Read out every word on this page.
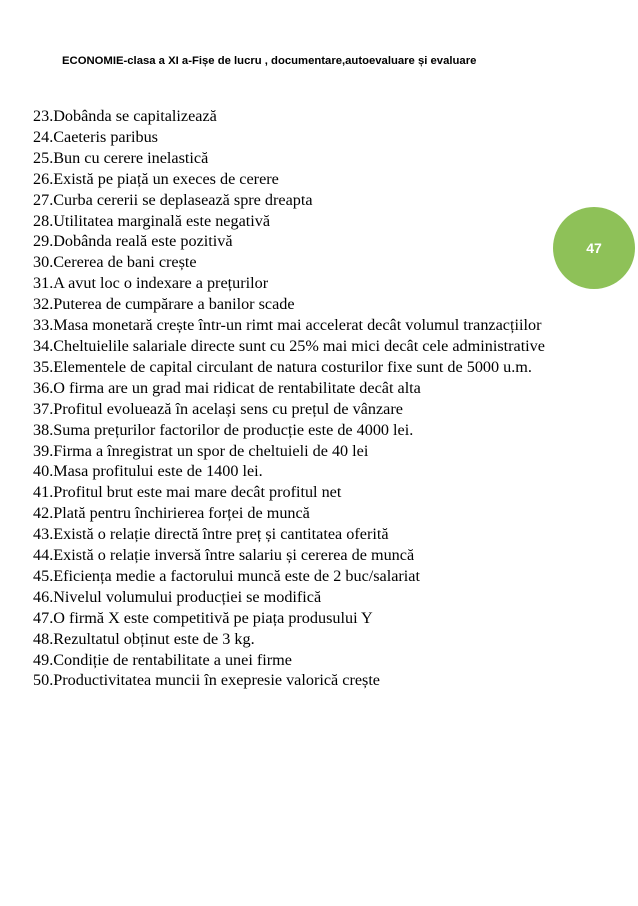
ECONOMIE-clasa a XI a-Fișe de lucru , documentare,autoevaluare și evaluare
47
23.Dobânda se capitalizează
24.Caeteris paribus
25.Bun cu cerere inelastică
26.Există pe piață un execes de cerere
27.Curba cererii se deplasează spre dreapta
28.Utilitatea marginală este negativă
29.Dobânda reală este pozitivă
30.Cererea de bani crește
31.A avut loc o indexare a prețurilor
32.Puterea de cumpărare a banilor scade
33.Masa monetară crește într-un rimt mai accelerat decât volumul tranzacțiilor
34.Cheltuielile salariale directe sunt cu 25% mai mici decât cele administrative
35.Elementele de capital circulant de natura costurilor fixe sunt de 5000 u.m.
36.O firma are un grad mai ridicat de rentabilitate decât alta
37.Profitul evoluează în același sens cu prețul de vânzare
38.Suma prețurilor factorilor de producție este de 4000 lei.
39.Firma a înregistrat un spor de cheltuieli de 40 lei
40.Masa profitului este de 1400 lei.
41.Profitul brut este mai mare decât profitul net
42.Plată pentru închirierea forței de muncă
43.Există o relație directă între preț și cantitatea oferită
44.Există o relație inversă între salariu și cererea de muncă
45.Eficiența medie a factorului muncă este de 2 buc/salariat
46.Nivelul volumului producției se modifică
47.O firmă X este competitivă pe piața produsului Y
48.Rezultatul obținut este de 3 kg.
49.Condiție de rentabilitate a unei firme
50.Productivitatea muncii în exepresie valorică crește
